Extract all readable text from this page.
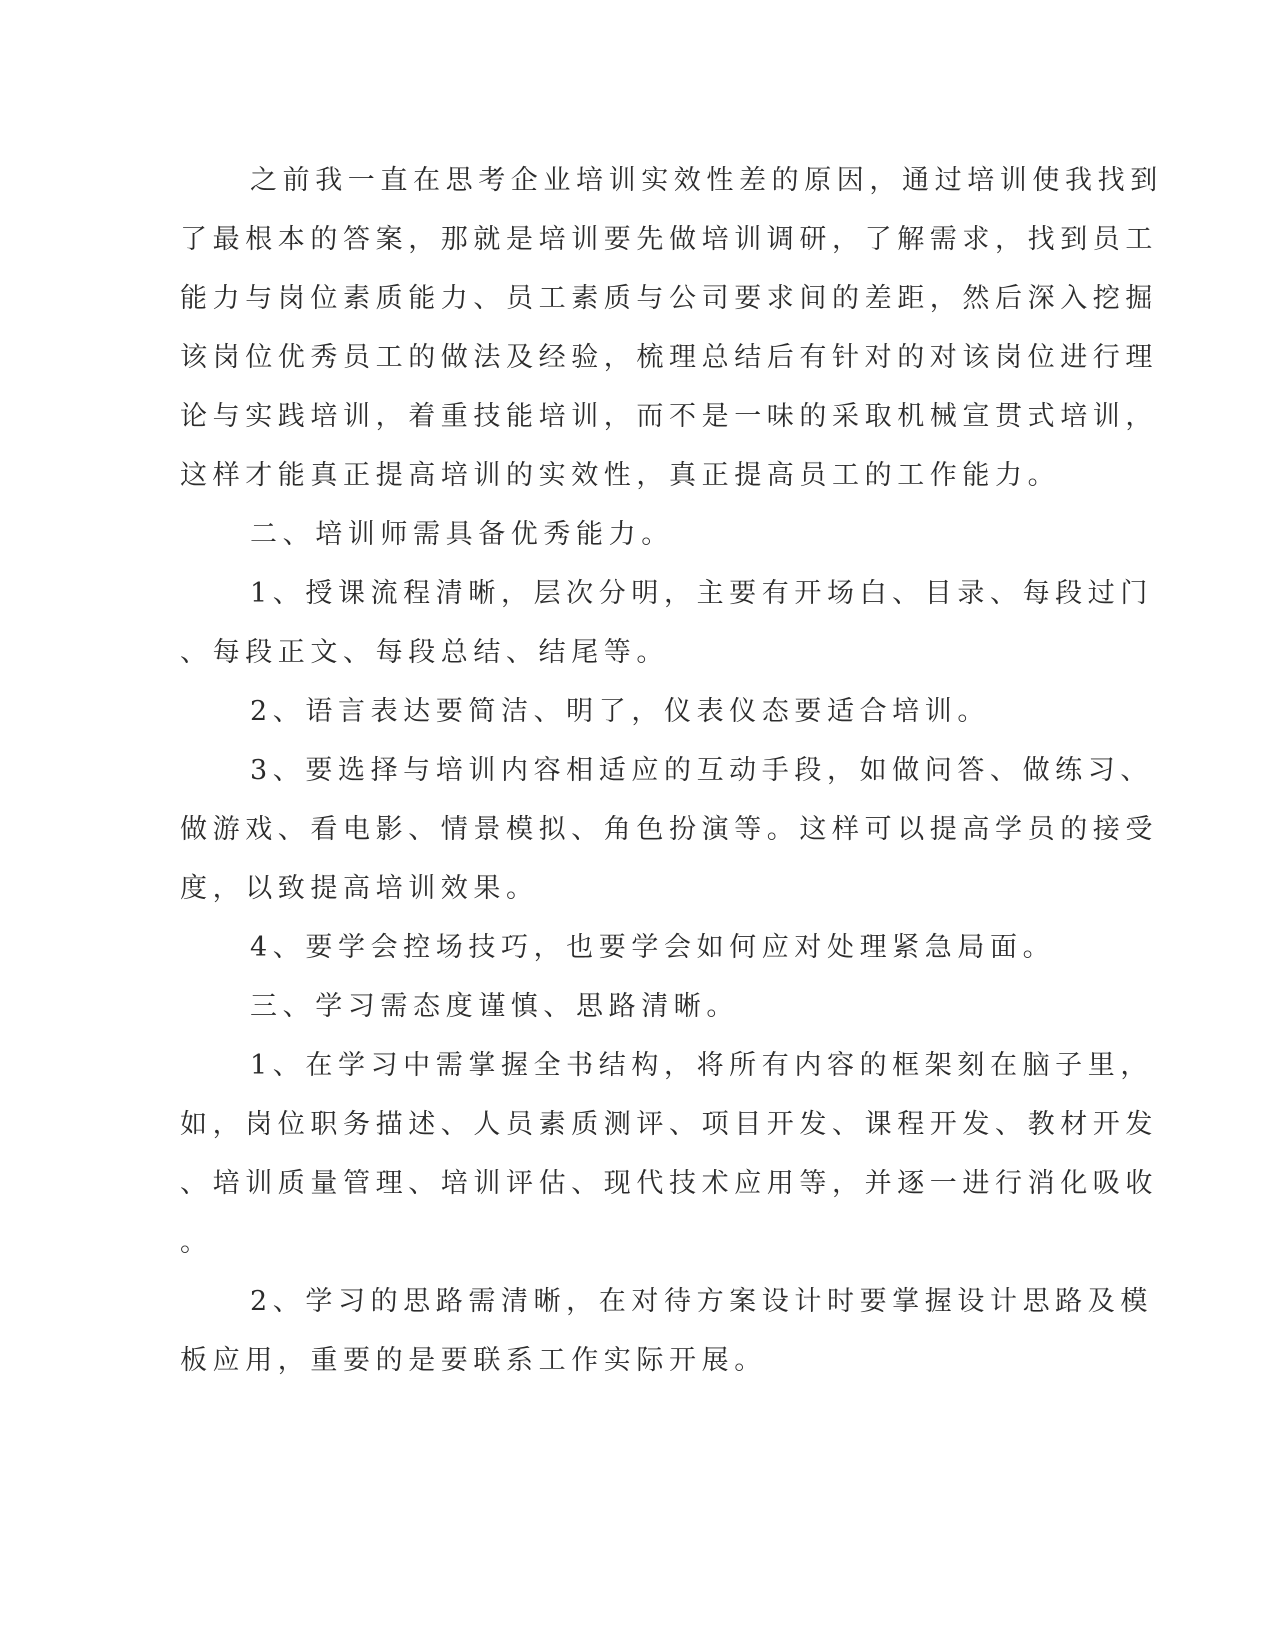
之前我一直在思考企业培训实效性差的原因，通过培训使我找到
了最根本的答案，那就是培训要先做培训调研，了解需求，找到员工
能力与岗位素质能力、员工素质与公司要求间的差距，然后深入挖掘
该岗位优秀员工的做法及经验，梳理总结后有针对的对该岗位进行理
论与实践培训，着重技能培训，而不是一味的采取机械宣贯式培训，
这样才能真正提高培训的实效性，真正提高员工的工作能力。
二、培训师需具备优秀能力。
1、授课流程清晰，层次分明，主要有开场白、目录、每段过门
、每段正文、每段总结、结尾等。
2、语言表达要简洁、明了，仪表仪态要适合培训。
3、要选择与培训内容相适应的互动手段，如做问答、做练习、
做游戏、看电影、情景模拟、角色扮演等。这样可以提高学员的接受
度，以致提高培训效果。
4、要学会控场技巧，也要学会如何应对处理紧急局面。
三、学习需态度谨慎、思路清晰。
1、在学习中需掌握全书结构，将所有内容的框架刻在脑子里，
如，岗位职务描述、人员素质测评、项目开发、课程开发、教材开发
、培训质量管理、培训评估、现代技术应用等，并逐一进行消化吸收
。
2、学习的思路需清晰，在对待方案设计时要掌握设计思路及模
板应用，重要的是要联系工作实际开展。
